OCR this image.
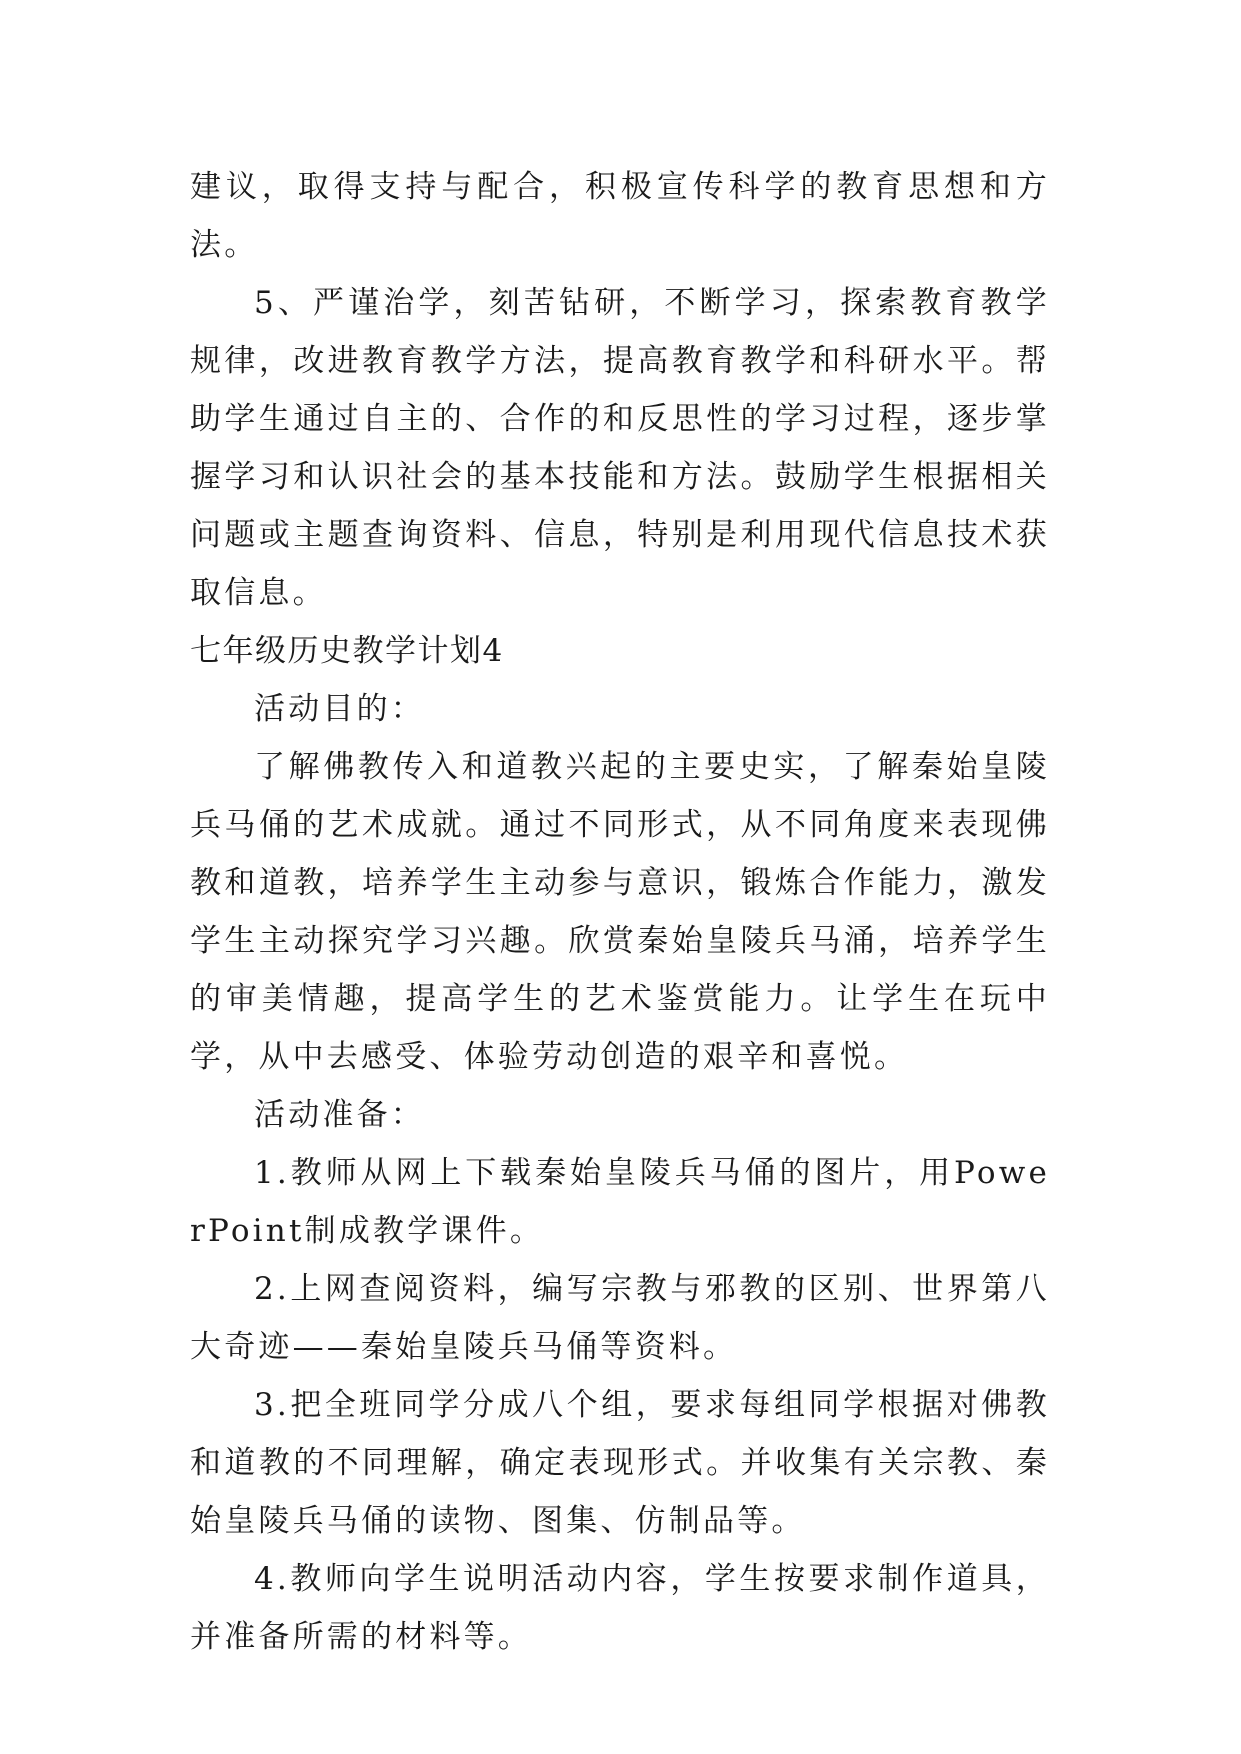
建议，取得支持与配合，积极宣传科学的教育思想和方法。

5、严谨治学，刻苦钻研，不断学习，探索教育教学规律，改进教育教学方法，提高教育教学和科研水平。帮助学生通过自主的、合作的和反思性的学习过程，逐步掌握学习和认识社会的基本技能和方法。鼓励学生根据相关问题或主题查询资料、信息，特别是利用现代信息技术获取信息。

七年级历史教学计划4

活动目的：

了解佛教传入和道教兴起的主要史实，了解秦始皇陵兵马俑的艺术成就。通过不同形式，从不同角度来表现佛教和道教，培养学生主动参与意识，锻炼合作能力，激发学生主动探究学习兴趣。欣赏秦始皇陵兵马涌，培养学生的审美情趣，提高学生的艺术鉴赏能力。让学生在玩中学，从中去感受、体验劳动创造的艰辛和喜悦。

活动准备：

1.教师从网上下载秦始皇陵兵马俑的图片，用PowerPoint制成教学课件。

2.上网查阅资料，编写宗教与邪教的区别、世界第八大奇迹——秦始皇陵兵马俑等资料。

3.把全班同学分成八个组，要求每组同学根据对佛教和道教的不同理解，确定表现形式。并收集有关宗教、秦始皇陵兵马俑的读物、图集、仿制品等。

4.教师向学生说明活动内容，学生按要求制作道具，并准备所需的材料等。
